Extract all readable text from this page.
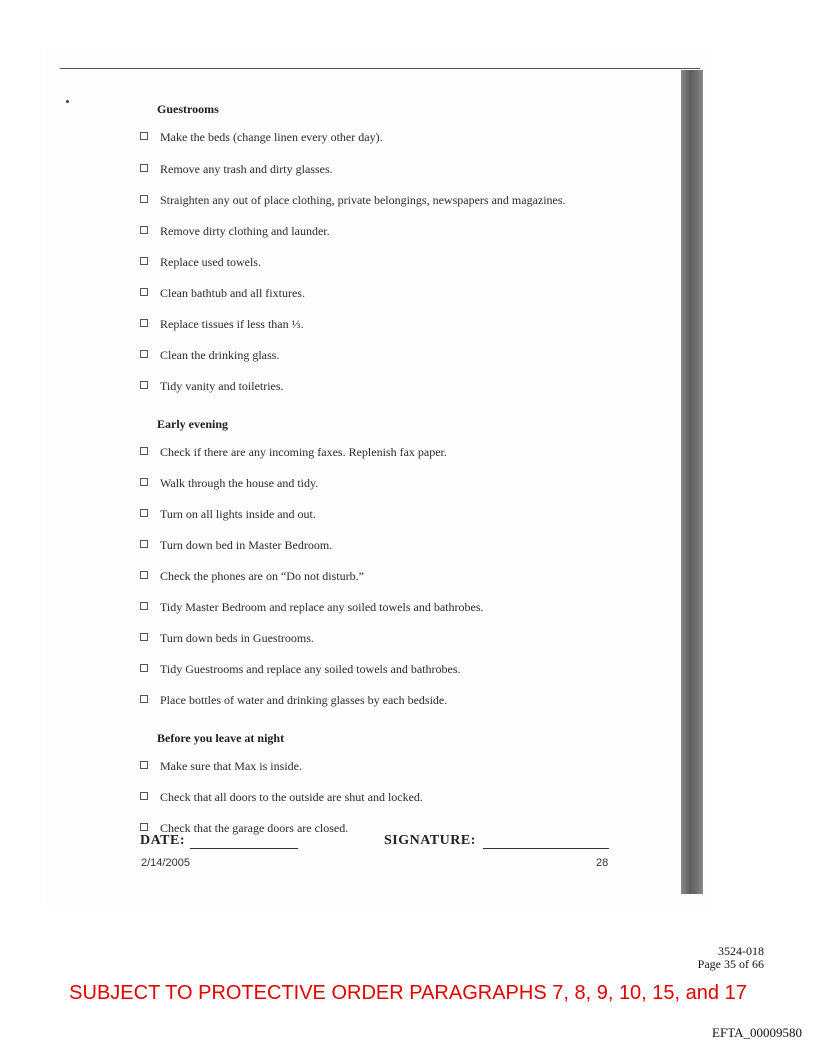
Guestrooms
Make the beds (change linen every other day).
Remove any trash and dirty glasses.
Straighten any out of place clothing, private belongings, newspapers and magazines.
Remove dirty clothing and launder.
Replace used towels.
Clean bathtub and all fixtures.
Replace tissues if less than ⅓.
Clean the drinking glass.
Tidy vanity and toiletries.
Early evening
Check if there are any incoming faxes. Replenish fax paper.
Walk through the house and tidy.
Turn on all lights inside and out.
Turn down bed in Master Bedroom.
Check the phones are on “Do not disturb.”
Tidy Master Bedroom and replace any soiled towels and bathrobes.
Turn down beds in Guestrooms.
Tidy Guestrooms and replace any soiled towels and bathrobes.
Place bottles of water and drinking glasses by each bedside.
Before you leave at night
Make sure that Max is inside.
Check that all doors to the outside are shut and locked.
Check that the garage doors are closed.
DATE:	SIGNATURE:
2/14/2005	28
3524-018
Page 35 of 66
SUBJECT TO PROTECTIVE ORDER PARAGRAPHS 7, 8, 9, 10, 15, and 17
EFTA_00009580
